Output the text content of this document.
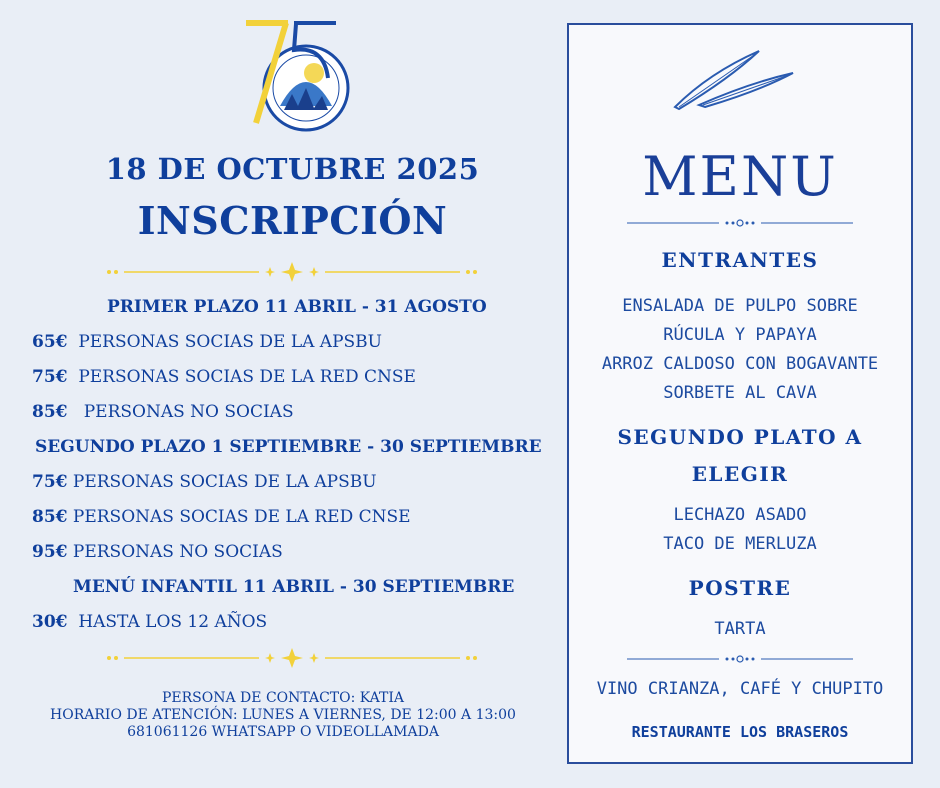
18 DE OCTUBRE 2025
INSCRIPCIÓN
PRIMER PLAZO 11 ABRIL - 31 AGOSTO
65€ PERSONAS SOCIAS DE LA APSBU
75€ PERSONAS SOCIAS DE LA RED CNSE
85€ PERSONAS NO SOCIAS
SEGUNDO PLAZO 1 SEPTIEMBRE - 30 SEPTIEMBRE
75€ PERSONAS SOCIAS DE LA APSBU
85€ PERSONAS SOCIAS DE LA RED CNSE
95€ PERSONAS NO SOCIAS
MENÚ INFANTIL 11 ABRIL - 30 SEPTIEMBRE
30€ HASTA LOS 12 AÑOS
PERSONA DE CONTACTO: KATIA
HORARIO DE ATENCIÓN: LUNES A VIERNES, DE 12:00 A 13:00
681061126 WHATSAPP O VIDEOLLAMADA
MENU
ENTRANTES
ENSALADA DE PULPO SOBRE
RÚCULA Y PAPAYA
ARROZ CALDOSO CON BOGAVANTE
SORBETE AL CAVA
SEGUNDO PLATO A
ELEGIR
LECHAZO ASADO
TACO DE MERLUZA
POSTRE
TARTA
VINO CRIANZA, CAFÉ Y CHUPITO
RESTAURANTE LOS BRASEROS
